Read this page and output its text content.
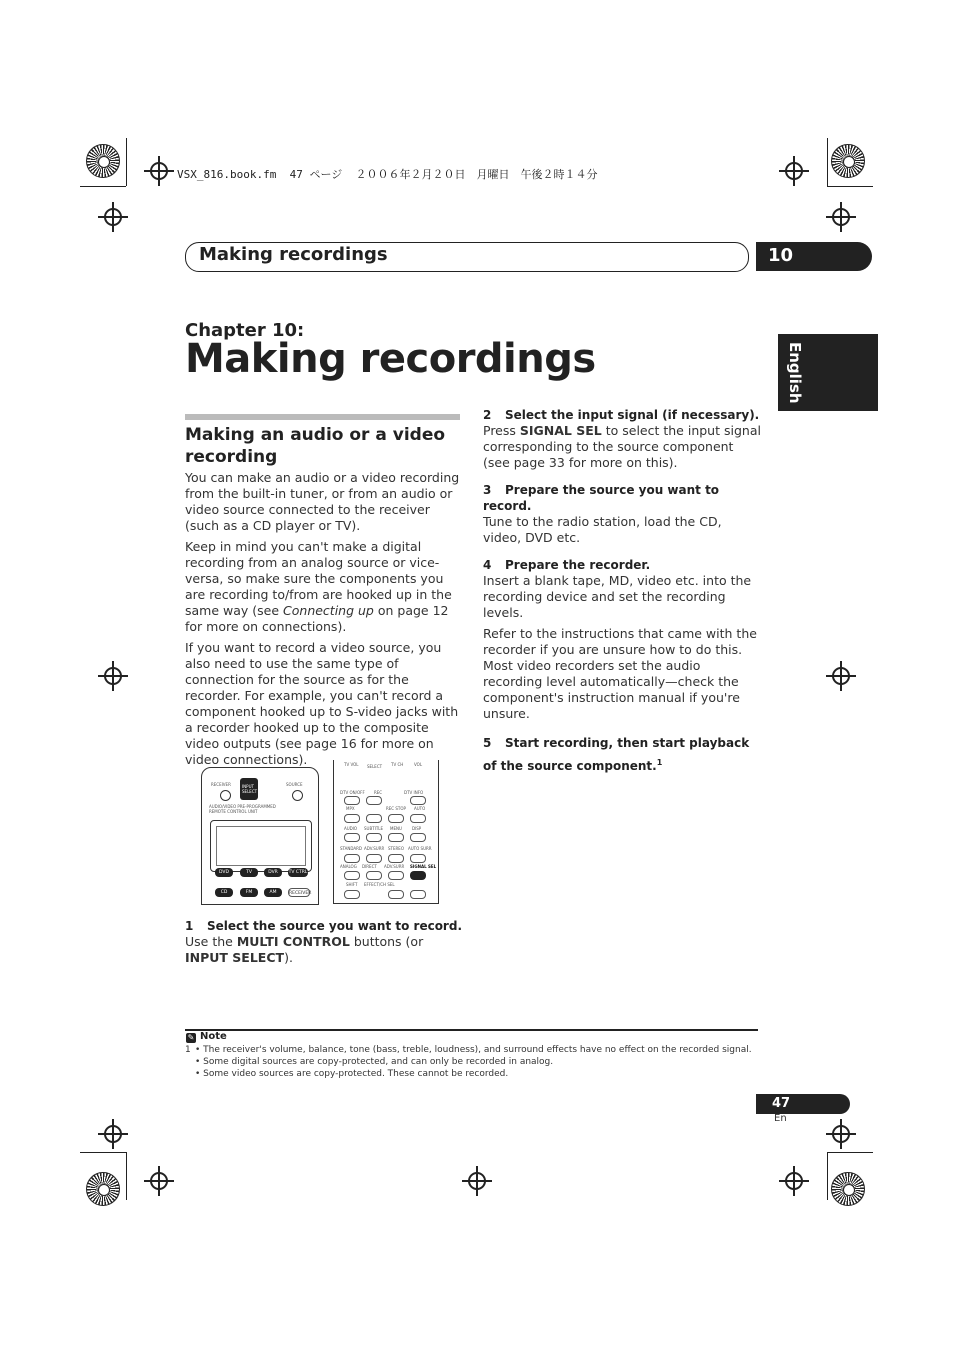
VSX_816.book.fm  47 ページ  ２００６年２月２０日　月曜日　午後２時１４分
Making recordings	10
English
Chapter 10:
Making recordings
Making an audio or a video recording

You can make an audio or a video recording from the built-in tuner, or from an audio or video source connected to the receiver (such as a CD player or TV).

Keep in mind you can't make a digital recording from an analog source or vice-versa, so make sure the components you are recording to/from are hooked up in the same way (see Connecting up on page 12 for more on connections).

If you want to record a video source, you also need to use the same type of connection for the source as for the recorder. For example, you can't record a component hooked up to S-video jacks with a recorder hooked up to the composite video outputs (see page 16 for more on video connections).

RECEIVER	INPUT SELECT
SOURCE
AUDIO/VIDEO PRE-PROGRAMMED REMOTE CONTROL UNIT
DVD	TV	DVR	TV CTRL
CD	FM	AM	RECEIVER
TV VOL SELECT TV CH	VOL
DTV ON/OFF REC	DTV INFO
MPX	REC STOP AUTO
AUDIO SUBTITLE MENU	DISP
STANDARD ADV.SURR STEREO AUTO SURR
ANALOG DIRECT ADV.SURR SIGNAL SEL
SHIFT EFFECT/CH SEL
1 Select the source you want to record.
Use the MULTI CONTROL buttons (or INPUT SELECT).
2 Select the input signal (if necessary).

Press SIGNAL SEL to select the input signal corresponding to the source component (see page 33 for more on this).

3 Prepare the source you want to record.

Tune to the radio station, load the CD, video, DVD etc.

4 Prepare the recorder.

Insert a blank tape, MD, video etc. into the recording device and set the recording levels.

Refer to the instructions that came with the recorder if you are unsure how to do this. Most video recorders set the audio recording level automatically—check the component's instruction manual if you're unsure.

5 Start recording, then start playback of the source component.$^1$
✎ Note
1 • The receiver's volume, balance, tone (bass, treble, loudness), and surround effects have no effect on the recorded signal.
• Some digital sources are copy-protected, and can only be recorded in analog.
• Some video sources are copy-protected. These cannot be recorded.
47
En
